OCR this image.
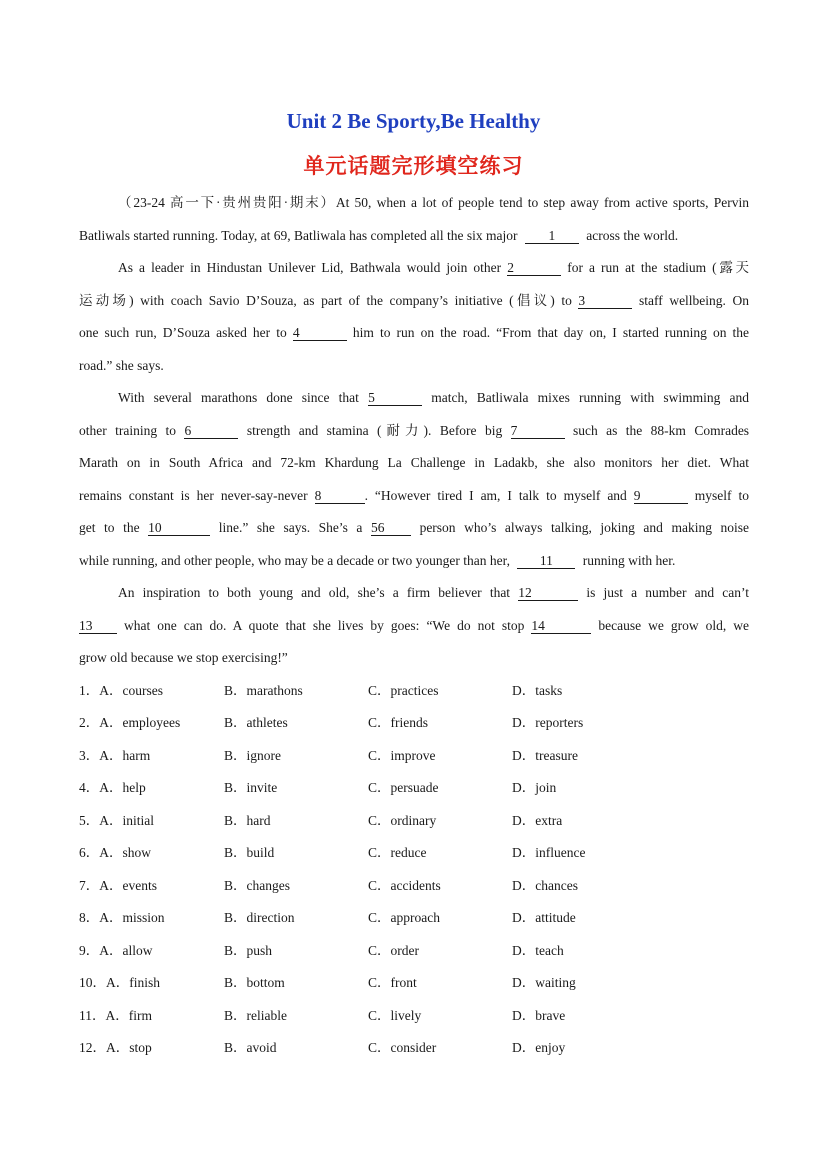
Unit 2 Be Sporty,Be Healthy
单元话题完形填空练习
（23-24 高一下·贵州贵阳·期末）At 50, when a lot of people tend to step away from active sports, Pervin
Batliwals started running. Today, at 69, Batliwala has completed all the six major 1 across the world.
As a leader in Hindustan Unilever Lid, Bathwala would join other 2	for a run at the stadium (露天
运动场) with coach Savio D’Souza, as part of the company’s initiative (倡议) to 3	staff wellbeing. On
one such run, D’Souza asked her to 4	him to run on the road. “From that day on, I started running on the
road.” she says.
With several marathons done since that 5	match, Batliwala mixes running with swimming and
other training to 6	strength and stamina (耐力). Before big 7	such as the 88-km Comrades
Marath on in South Africa and 72-km Khardung La Challenge in Ladakb, she also monitors her diet. What
remains constant is her never-say-never 8	. “However tired I am, I talk to myself and 9	myself to
get to the 10	line.” she says. She’s a 56	person who’s always talking, joking and making noise
while running, and other people, who may be a decade or two younger than her, 11 running with her.
An inspiration to both young and old, she’s a firm believer that 12	is just a number and can’t
13 what one can do. A quote that she lives by goes: “We do not stop 14	because we grow old, we
grow old because we stop exercising!”
1．A．courses	B．marathons	C．practices	D．tasks
2．A．employees	B．athletes	C．friends	D．reporters
3．A．harm	B．ignore	C．improve	D．treasure
4．A．help	B．invite	C．persuade	D．join
5．A．initial	B．hard	C．ordinary	D．extra
6．A．show	B．build	C．reduce	D．influence
7．A．events	B．changes	C．accidents	D．chances
8．A．mission	B．direction	C．approach	D．attitude
9．A．allow	B．push	C．order	D．teach
10．A．finish	B．bottom	C．front	D．waiting
11．A．firm	B．reliable	C．lively	D．brave
12．A．stop	B．avoid	C．consider	D．enjoy
